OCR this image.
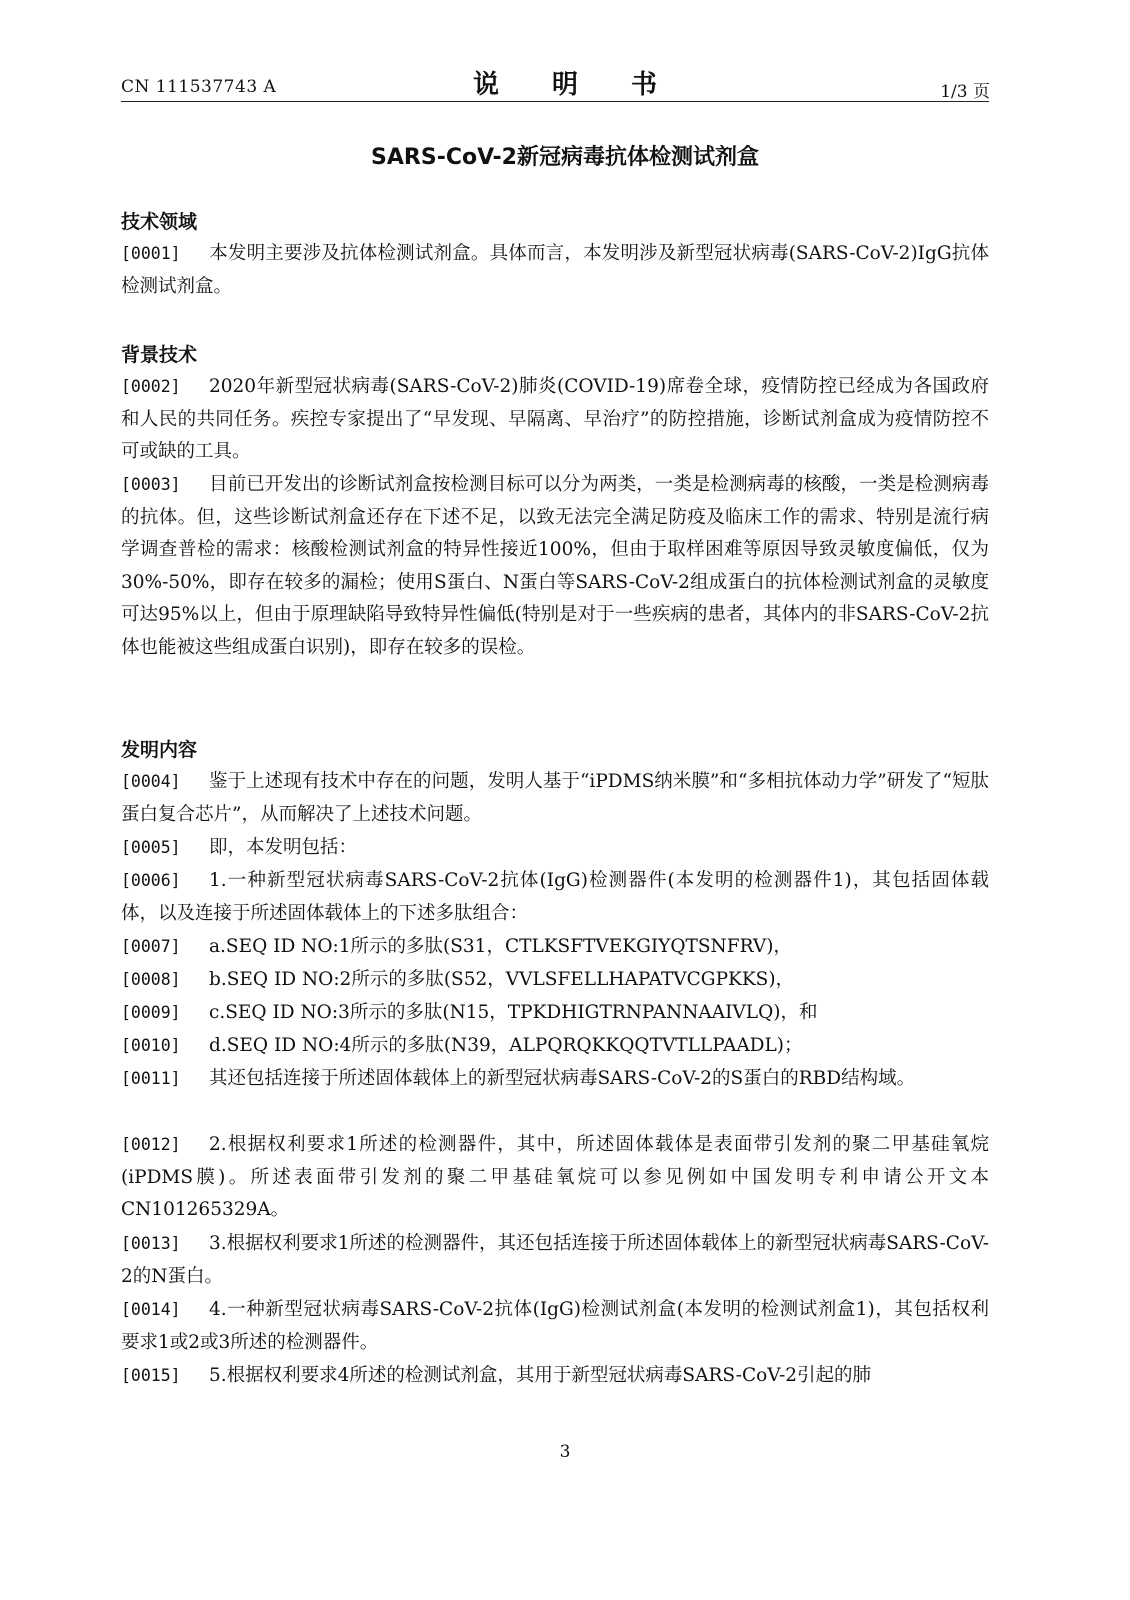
CN 111537743 A	说 明 书	1/3 页
SARS-CoV-2新冠病毒抗体检测试剂盒
技术领域
[0001] 本发明主要涉及抗体检测试剂盒。具体而言，本发明涉及新型冠状病毒(SARS-CoV-2)IgG抗体检测试剂盒。
背景技术
[0002] 2020年新型冠状病毒(SARS-CoV-2)肺炎(COVID-19)席卷全球，疫情防控已经成为各国政府和人民的共同任务。疾控专家提出了“早发现、早隔离、早治疗”的防控措施，诊断试剂盒成为疫情防控不可或缺的工具。
[0003] 目前已开发出的诊断试剂盒按检测目标可以分为两类，一类是检测病毒的核酸，一类是检测病毒的抗体。但，这些诊断试剂盒还存在下述不足，以致无法完全满足防疫及临床工作的需求、特别是流行病学调查普检的需求：核酸检测试剂盒的特异性接近100%，但由于取样困难等原因导致灵敏度偏低，仅为30%-50%，即存在较多的漏检；使用S蛋白、N蛋白等SARS-CoV-2组成蛋白的抗体检测试剂盒的灵敏度可达95%以上，但由于原理缺陷导致特异性偏低(特别是对于一些疾病的患者，其体内的非SARS-CoV-2抗体也能被这些组成蛋白识别)，即存在较多的误检。
发明内容
[0004] 鉴于上述现有技术中存在的问题，发明人基于“iPDMS纳米膜”和“多相抗体动力学”研发了“短肽蛋白复合芯片”，从而解决了上述技术问题。
[0005] 即，本发明包括：
[0006] 1.一种新型冠状病毒SARS-CoV-2抗体(IgG)检测器件(本发明的检测器件1)，其包括固体载体，以及连接于所述固体载体上的下述多肽组合：
[0007] a.SEQ ID NO:1所示的多肽(S31，CTLKSFTVEKGIYQTSNFRV)，
[0008] b.SEQ ID NO:2所示的多肽(S52，VVLSFELLHAPATVCGPKKS)，
[0009] c.SEQ ID NO:3所示的多肽(N15，TPKDHIGTRNPANNAAIVLQ)，和
[0010] d.SEQ ID NO:4所示的多肽(N39，ALPQRQKKQQTVTLLPAADL)；
[0011] 其还包括连接于所述固体载体上的新型冠状病毒SARS-CoV-2的S蛋白的RBD结构域。
[0012] 2.根据权利要求1所述的检测器件，其中，所述固体载体是表面带引发剂的聚二甲基硅氧烷(iPDMS膜)。所述表面带引发剂的聚二甲基硅氧烷可以参见例如中国发明专利申请公开文本CN101265329A。
[0013] 3.根据权利要求1所述的检测器件，其还包括连接于所述固体载体上的新型冠状病毒SARS-CoV-2的N蛋白。
[0014] 4.一种新型冠状病毒SARS-CoV-2抗体(IgG)检测试剂盒(本发明的检测试剂盒1)，其包括权利要求1或2或3所述的检测器件。
[0015] 5.根据权利要求4所述的检测试剂盒，其用于新型冠状病毒SARS-CoV-2引起的肺
3
